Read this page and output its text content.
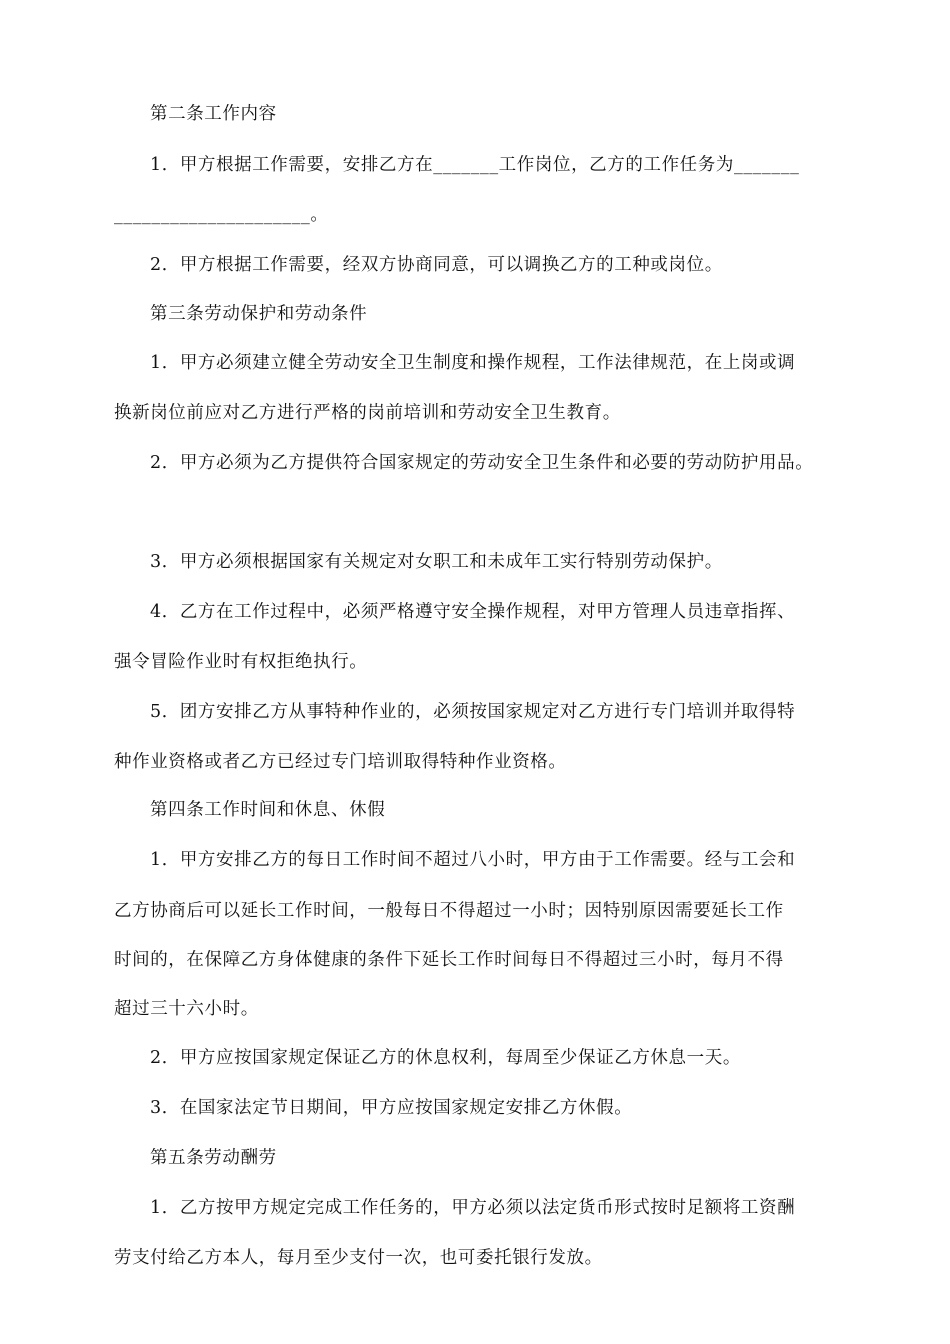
第二条工作内容
1．甲方根据工作需要，安排乙方在_______工作岗位，乙方的工作任务为_______
_____________________。
2．甲方根据工作需要，经双方协商同意，可以调换乙方的工种或岗位。
第三条劳动保护和劳动条件
1．甲方必须建立健全劳动安全卫生制度和操作规程，工作法律规范，在上岗或调
换新岗位前应对乙方进行严格的岗前培训和劳动安全卫生教育。
2．甲方必须为乙方提供符合国家规定的劳动安全卫生条件和必要的劳动防护用品。
3．甲方必须根据国家有关规定对女职工和未成年工实行特别劳动保护。
4．乙方在工作过程中，必须严格遵守安全操作规程，对甲方管理人员违章指挥、
强令冒险作业时有权拒绝执行。
5．团方安排乙方从事特种作业的，必须按国家规定对乙方进行专门培训并取得特
种作业资格或者乙方已经过专门培训取得特种作业资格。
第四条工作时间和休息、休假
1．甲方安排乙方的每日工作时间不超过八小时，甲方由于工作需要。经与工会和
乙方协商后可以延长工作时间，一般每日不得超过一小时；因特别原因需要延长工作
时间的，在保障乙方身体健康的条件下延长工作时间每日不得超过三小时，每月不得
超过三十六小时。
2．甲方应按国家规定保证乙方的休息权利，每周至少保证乙方休息一天。
3．在国家法定节日期间，甲方应按国家规定安排乙方休假。
第五条劳动酬劳
1．乙方按甲方规定完成工作任务的，甲方必须以法定货币形式按时足额将工资酬
劳支付给乙方本人，每月至少支付一次，也可委托银行发放。
